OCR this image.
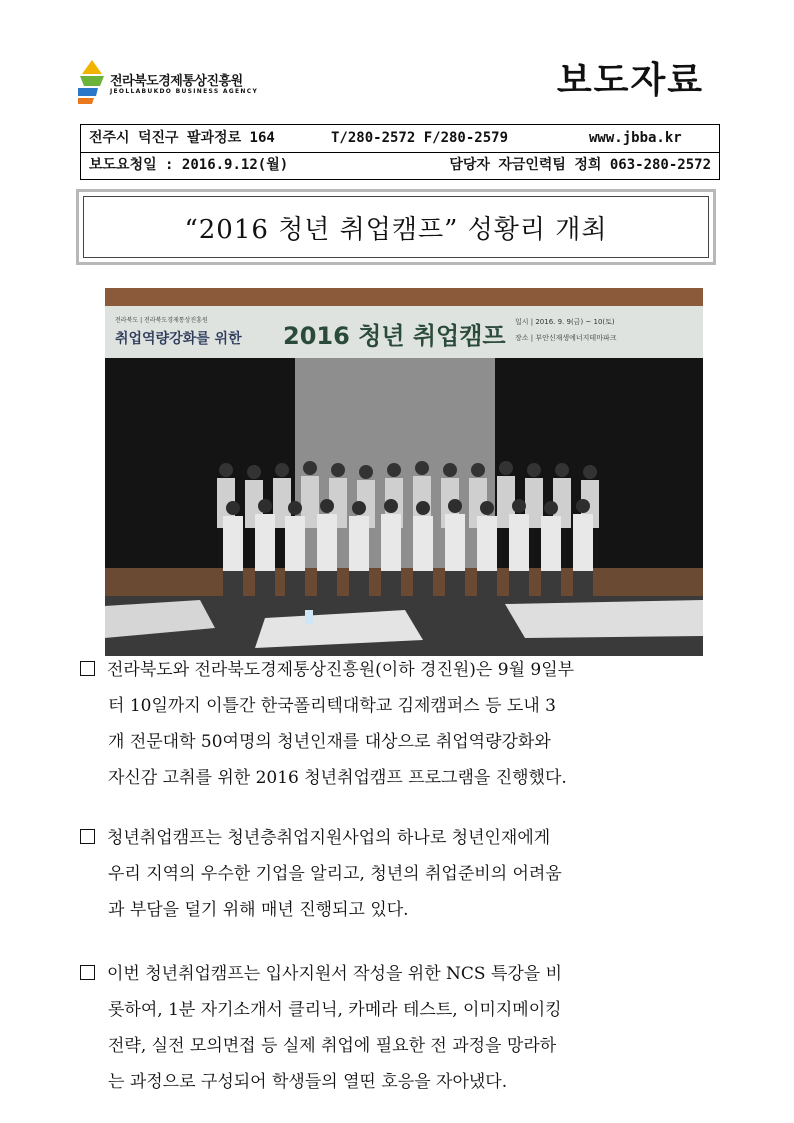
전라북도경제통상진흥원
JEOLLABUKDO BUSINESS AGENCY	보도자료
전주시 덕진구 팔과정로 164	T/280-2572 F/280-2579	www.jbba.kr
보도요청일 : 2016.9.12(월)	담당자 자금인력팀 정희 063-280-2572
“2016 청년 취업캠프” 성황리 개최
전라북도 | 전라북도경제통상진흥원
취업역량강화를 위한 2016 청년 취업캠프 일시 | 2016. 9. 9(금) ~ 10(토)
장소 | 부안신재생에너지테마파크
전라북도와 전라북도경제통상진흥원(이하 경진원)은 9월 9일부
터 10일까지 이틀간 한국폴리텍대학교 김제캠퍼스 등 도내 3
개 전문대학 50여명의 청년인재를 대상으로 취업역량강화와
자신감 고취를 위한 2016 청년취업캠프 프로그램을 진행했다.
청년취업캠프는 청년층취업지원사업의 하나로 청년인재에게
우리 지역의 우수한 기업을 알리고, 청년의 취업준비의 어려움
과 부담을 덜기 위해 매년 진행되고 있다.
이번 청년취업캠프는 입사지원서 작성을 위한 NCS 특강을 비
롯하여, 1분 자기소개서 클리닉, 카메라 테스트, 이미지메이킹
전략, 실전 모의면접 등 실제 취업에 필요한 전 과정을 망라하
는 과정으로 구성되어 학생들의 열띤 호응을 자아냈다.
